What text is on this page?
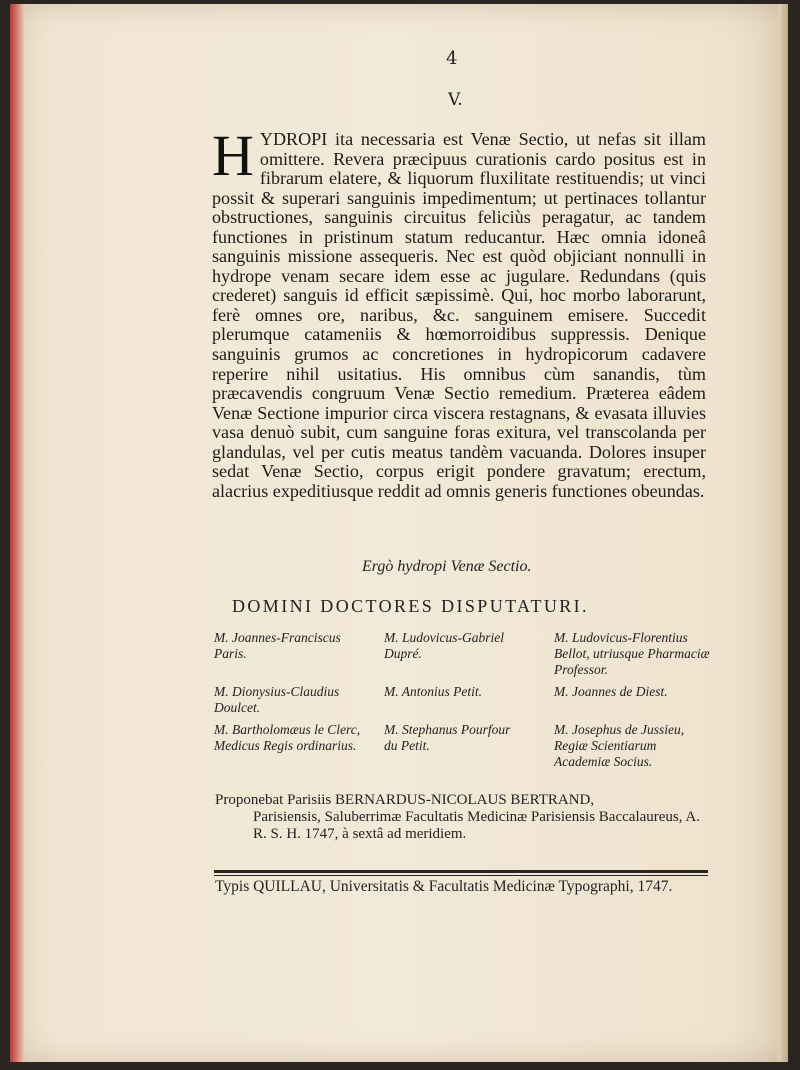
4
V.

HYDROPI ita necessaria est Venæ Sectio, ut nefas sit illam omittere. Revera præcipuus curationis cardo positus est in fibrarum elatere, & liquorum fluxilitate restituendis; ut vinci possit & superari sanguinis impedimentum; ut pertinaces tollantur obstructiones, sanguinis circuitus feliciùs peragatur, ac tandem functiones in pristinum statum reducantur. Hæc omnia idoneâ sanguinis missione assequeris. Nec est quòd objiciant nonnulli in hydrope venam secare idem esse ac jugulare. Redundans (quis crederet) sanguis id efficit sæpissimè. Qui, hoc morbo laborarunt, ferè omnes ore, naribus, &c. sanguinem emisere. Succedit plerumque catameniis & hœmorroidibus suppressis. Denique sanguinis grumos ac concretiones in hydropicorum cadavere reperire nihil usitatius. His omnibus cùm sanandis, tùm præcavendis congruum Venæ Sectio remedium. Præterea eâdem Venæ Sectione impurior circa viscera restagnans, & evasata illuvies vasa denuò subit, cum sanguine foras exitura, vel transcolanda per glandulas, vel per cutis meatus tandèm vacuanda. Dolores insuper sedat Venæ Sectio, corpus erigit pondere gravatum; erectum, alacrius expeditiusque reddit ad omnis generis functiones obeundas.

Ergò hydropi Venæ Sectio.
DOMINI DOCTORES DISPUTATURI.
M. Joannes-Franciscus
Paris.
M. Ludovicus-Gabriel
Dupré.
M. Ludovicus-Florentius
Bellot, utriusque Pharmaciæ Professor.
M. Dionysius-Claudius
Doulcet.
M. Antonius Petit.	M. Joannes de Diest.
M. Bartholomæus le Clerc,
Medicus Regis ordinarius.
M. Stephanus Pourfour
du Petit.
M. Josephus de Jussieu,
Regiæ Scientiarum Academiæ Socius.
Proponebat Parisiis BERNARDUS-NICOLAUS BERTRAND,
Parisiensis, Saluberrimæ Facultatis Medicinæ Parisiensis Baccalaureus, A. R. S. H. 1747, à sextâ ad meridiem.
Typis QUILLAU, Universitatis & Facultatis Medicinæ Typographi, 1747.
